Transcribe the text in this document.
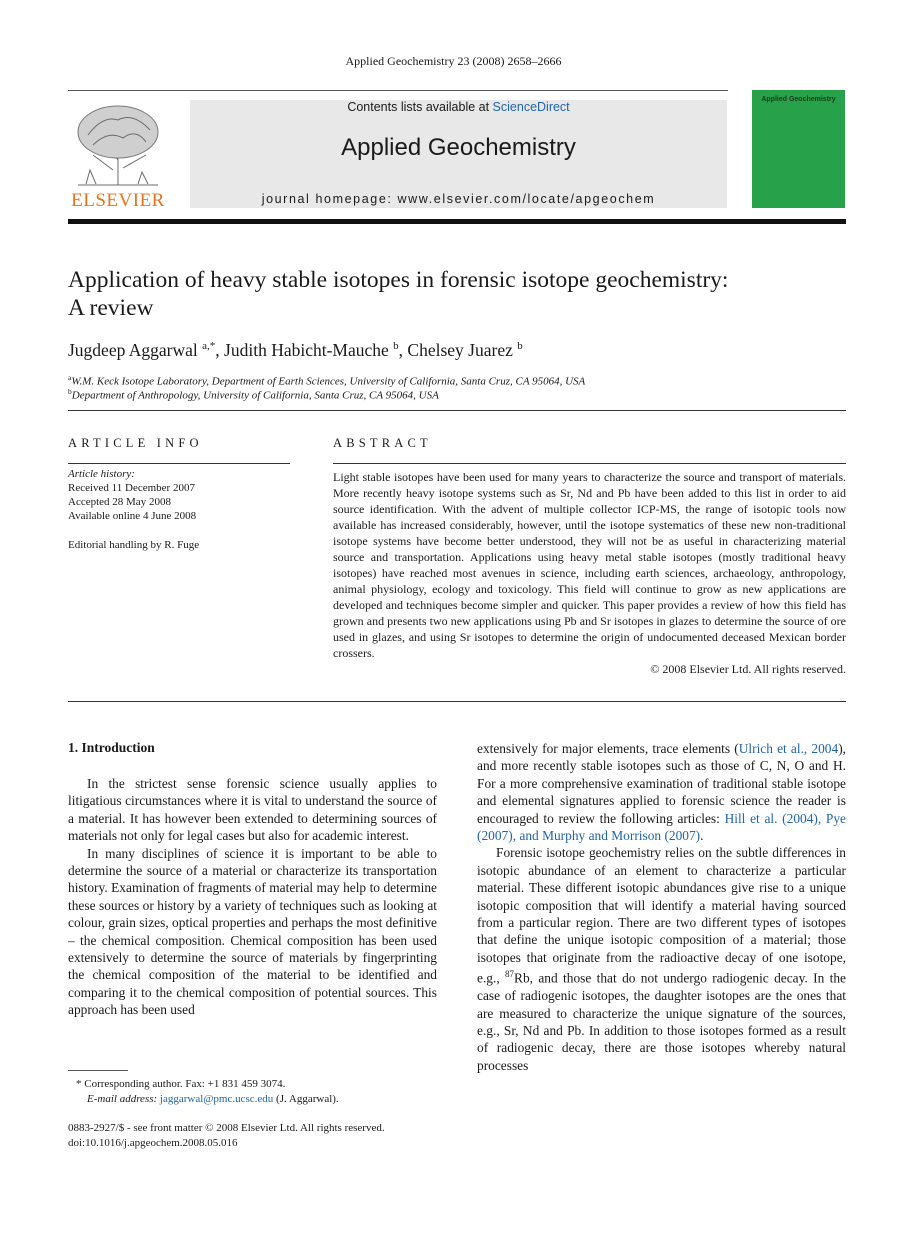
Applied Geochemistry 23 (2008) 2658–2666
ELSEVIER
Contents lists available at ScienceDirect
Applied Geochemistry
journal homepage: www.elsevier.com/locate/apgeochem
Applied Geochemistry
Application of heavy stable isotopes in forensic isotope geochemistry:
A review
Jugdeep Aggarwal $^{a,*}$, Judith Habicht-Mauche $^b$, Chelsey Juarez $^b$
$^a$W.M. Keck Isotope Laboratory, Department of Earth Sciences, University of California, Santa Cruz, CA 95064, USA
$^b$Department of Anthropology, University of California, Santa Cruz, CA 95064, USA
ARTICLE INFO
Article history:
Received 11 December 2007
Accepted 28 May 2008
Available online 4 June 2008
Editorial handling by R. Fuge
ABSTRACT
Light stable isotopes have been used for many years to characterize the source and transport of materials. More recently heavy isotope systems such as Sr, Nd and Pb have been added to this list in order to aid source identification. With the advent of multiple collector ICP-MS, the range of isotopic tools now available has increased considerably, however, until the isotope systematics of these new non-traditional isotope systems have become better understood, they will not be as useful in characterizing material source and transportation. Applications using heavy metal stable isotopes (mostly traditional heavy isotopes) have reached most avenues in science, including earth sciences, archaeology, anthropology, animal physiology, ecology and toxicology. This field will continue to grow as new applications are developed and techniques become simpler and quicker. This paper provides a review of how this field has grown and presents two new applications using Pb and Sr isotopes in glazes to determine the source of ore used in glazes, and using Sr isotopes to determine the origin of undocumented deceased Mexican border crossers.
© 2008 Elsevier Ltd. All rights reserved.
1. Introduction

In the strictest sense forensic science usually applies to litigatious circumstances where it is vital to understand the source of a material. It has however been extended to determining sources of materials not only for legal cases but also for academic interest.

In many disciplines of science it is important to be able to determine the source of a material or characterize its transportation history. Examination of fragments of material may help to determine these sources or history by a variety of techniques such as looking at colour, grain sizes, optical properties and perhaps the most definitive – the chemical composition. Chemical composition has been used extensively to determine the source of materials by fingerprinting the chemical composition of the material to be identified and comparing it to the chemical composition of potential sources. This approach has been used

extensively for major elements, trace elements (Ulrich et al., 2004), and more recently stable isotopes such as those of C, N, O and H. For a more comprehensive examination of traditional stable isotope and elemental signatures applied to forensic science the reader is encouraged to review the following articles: Hill et al. (2004), Pye (2007), and Murphy and Morrison (2007).

Forensic isotope geochemistry relies on the subtle differences in isotopic abundance of an element to characterize a particular material. These different isotopic abundances give rise to a unique isotopic composition that will identify a material having sourced from a particular region. There are two different types of isotopes that define the unique isotopic composition of a material; those isotopes that originate from the radioactive decay of one isotope, e.g., $^{87}$Rb, and those that do not undergo radiogenic decay. In the case of radiogenic isotopes, the daughter isotopes are the ones that are measured to characterize the unique signature of the sources, e.g., Sr, Nd and Pb. In addition to those isotopes formed as a result of radiogenic decay, there are those isotopes whereby natural processes

* Corresponding author. Fax: +1 831 459 3074.
E-mail address: jaggarwal@pmc.ucsc.edu (J. Aggarwal).
0883-2927/$ - see front matter © 2008 Elsevier Ltd. All rights reserved.
doi:10.1016/j.apgeochem.2008.05.016
